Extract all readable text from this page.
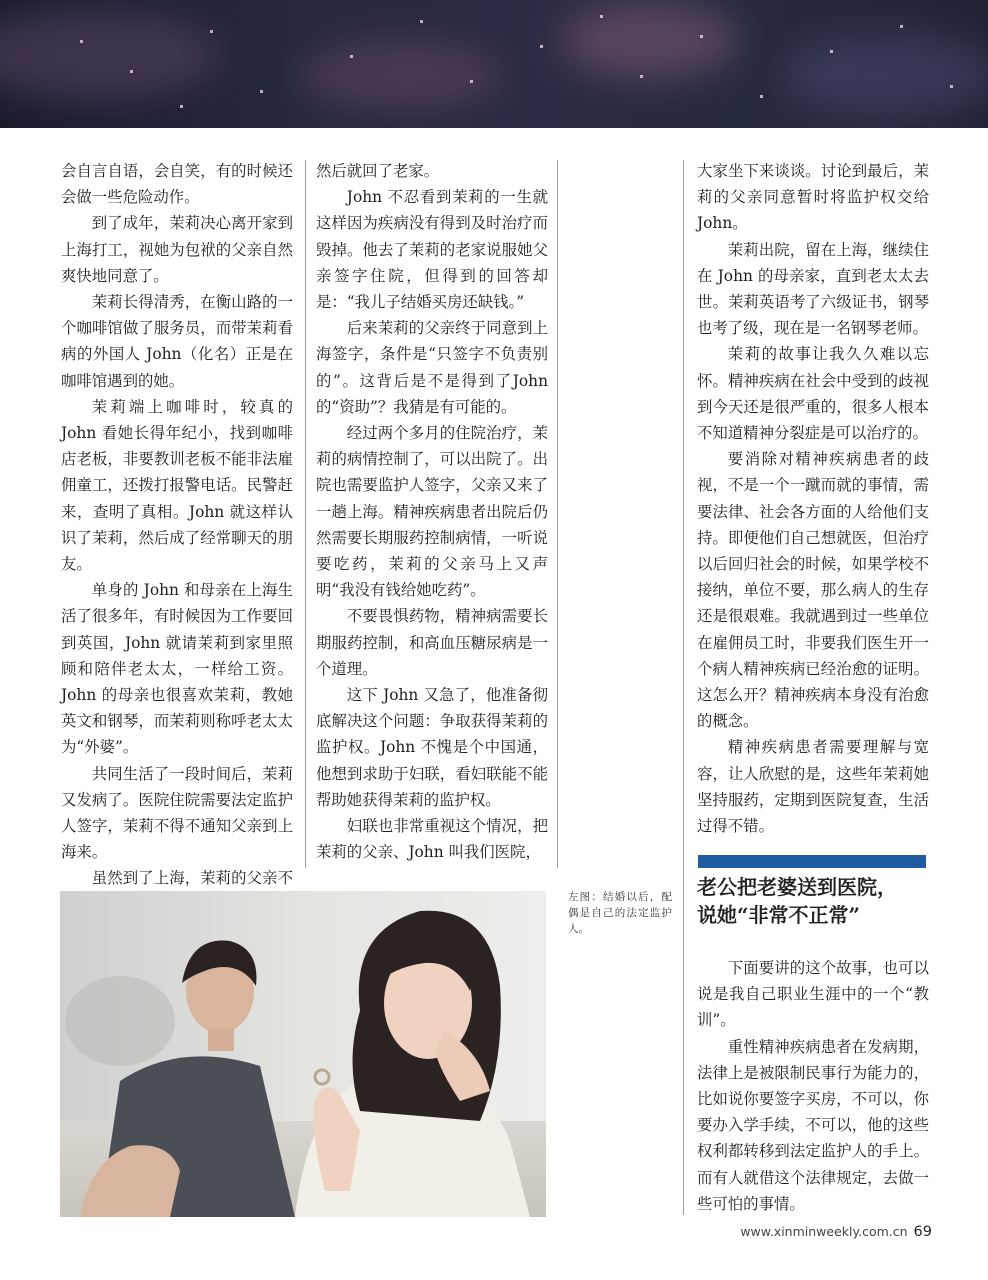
会自言自语，会自笑，有的时候还会做一些危险动作。

到了成年，茉莉决心离开家到上海打工，视她为包袱的父亲自然爽快地同意了。

茉莉长得清秀，在衡山路的一个咖啡馆做了服务员，而带茉莉看病的外国人 John（化名）正是在咖啡馆遇到的她。

茉莉端上咖啡时，较真的 John 看她长得年纪小，找到咖啡店老板，非要教训老板不能非法雇佣童工，还拨打报警电话。民警赶来，查明了真相。John 就这样认识了茉莉，然后成了经常聊天的朋友。

单身的 John 和母亲在上海生活了很多年，有时候因为工作要回到英国，John 就请茉莉到家里照顾和陪伴老太太，一样给工资。John 的母亲也很喜欢茉莉，教她英文和钢琴，而茉莉则称呼老太太为“外婆”。

共同生活了一段时间后，茉莉又发病了。医院住院需要法定监护人签字，茉莉不得不通知父亲到上海来。

虽然到了上海，茉莉的父亲不

然后就回了老家。

John 不忍看到茉莉的一生就这样因为疾病没有得到及时治疗而毁掉。他去了茉莉的老家说服她父亲签字住院，但得到的回答却是：“我儿子结婚买房还缺钱。”

后来茉莉的父亲终于同意到上海签字，条件是“只签字不负责别的”。这背后是不是得到了John的“资助”？我猜是有可能的。

经过两个多月的住院治疗，茉莉的病情控制了，可以出院了。出院也需要监护人签字，父亲又来了一趟上海。精神疾病患者出院后仍然需要长期服药控制病情，一听说要吃药，茉莉的父亲马上又声明“我没有钱给她吃药”。

不要畏惧药物，精神病需要长期服药控制，和高血压糖尿病是一个道理。

这下 John 又急了，他准备彻底解决这个问题：争取获得茉莉的监护权。John 不愧是个中国通，他想到求助于妇联，看妇联能不能帮助她获得茉莉的监护权。

妇联也非常重视这个情况，把茉莉的父亲、John 叫我们医院，

大家坐下来谈谈。讨论到最后，茉莉的父亲同意暂时将监护权交给 John。

茉莉出院，留在上海，继续住在 John 的母亲家，直到老太太去世。茉莉英语考了六级证书，钢琴也考了级，现在是一名钢琴老师。

茉莉的故事让我久久难以忘怀。精神疾病在社会中受到的歧视到今天还是很严重的，很多人根本不知道精神分裂症是可以治疗的。

要消除对精神疾病患者的歧视，不是一个一蹴而就的事情，需要法律、社会各方面的人给他们支持。即便他们自己想就医，但治疗以后回归社会的时候，如果学校不接纳，单位不要，那么病人的生存还是很艰难。我就遇到过一些单位在雇佣员工时，非要我们医生开一个病人精神疾病已经治愈的证明。这怎么开？精神疾病本身没有治愈的概念。

精神疾病患者需要理解与宽容，让人欣慰的是，这些年茉莉她坚持服药，定期到医院复查，生活过得不错。

老公把老婆送到医院，
说她“非常不正常”

下面要讲的这个故事，也可以说是我自己职业生涯中的一个“教训”。

重性精神疾病患者在发病期，法律上是被限制民事行为能力的，比如说你要签字买房，不可以，你要办入学手续，不可以，他的这些权利都转移到法定监护人的手上。而有人就借这个法律规定，去做一些可怕的事情。

左图：结婚以后，配偶是自己的法定监护人。
www.xinminweekly.com.cn 69
